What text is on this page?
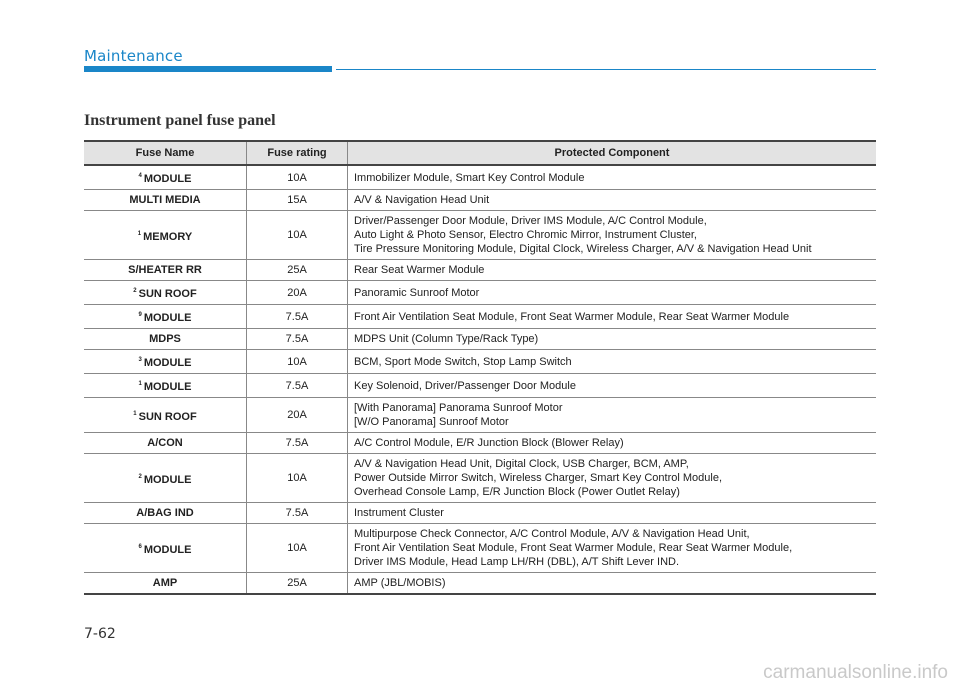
Maintenance
Instrument panel fuse panel
Fuse Name	Fuse rating	Protected Component
$^4$ MODULE	10A	Immobilizer Module, Smart Key Control Module

MULTI MEDIA	15A	A/V & Navigation Head Unit

$^1$ MEMORY	10A	Driver/Passenger Door Module, Driver IMS Module, A/C Control Module,
Auto Light & Photo Sensor, Electro Chromic Mirror, Instrument Cluster,
Tire Pressure Monitoring Module, Digital Clock, Wireless Charger, A/V & Navigation Head Unit

S/HEATER RR	25A	Rear Seat Warmer Module

$^2$ SUN ROOF	20A	Panoramic Sunroof Motor

$^9$ MODULE	7.5A	Front Air Ventilation Seat Module, Front Seat Warmer Module, Rear Seat Warmer Module

MDPS	7.5A	MDPS Unit (Column Type/Rack Type)

$^3$ MODULE	10A	BCM, Sport Mode Switch, Stop Lamp Switch

$^1$ MODULE	7.5A	Key Solenoid, Driver/Passenger Door Module

$^1$ SUN ROOF	20A	[With Panorama] Panorama Sunroof Motor
[W/O Panorama] Sunroof Motor

A/CON	7.5A	A/C Control Module, E/R Junction Block (Blower Relay)

$^2$ MODULE	10A	A/V & Navigation Head Unit, Digital Clock, USB Charger, BCM, AMP,
Power Outside Mirror Switch, Wireless Charger, Smart Key Control Module,
Overhead Console Lamp, E/R Junction Block (Power Outlet Relay)

A/BAG IND	7.5A	Instrument Cluster

$^6$ MODULE	10A	Multipurpose Check Connector, A/C Control Module, A/V & Navigation Head Unit,
Front Air Ventilation Seat Module, Front Seat Warmer Module, Rear Seat Warmer Module,
Driver IMS Module, Head Lamp LH/RH (DBL), A/T Shift Lever IND.

AMP	25A	AMP (JBL/MOBIS)
7-62
carmanualsonline.info
